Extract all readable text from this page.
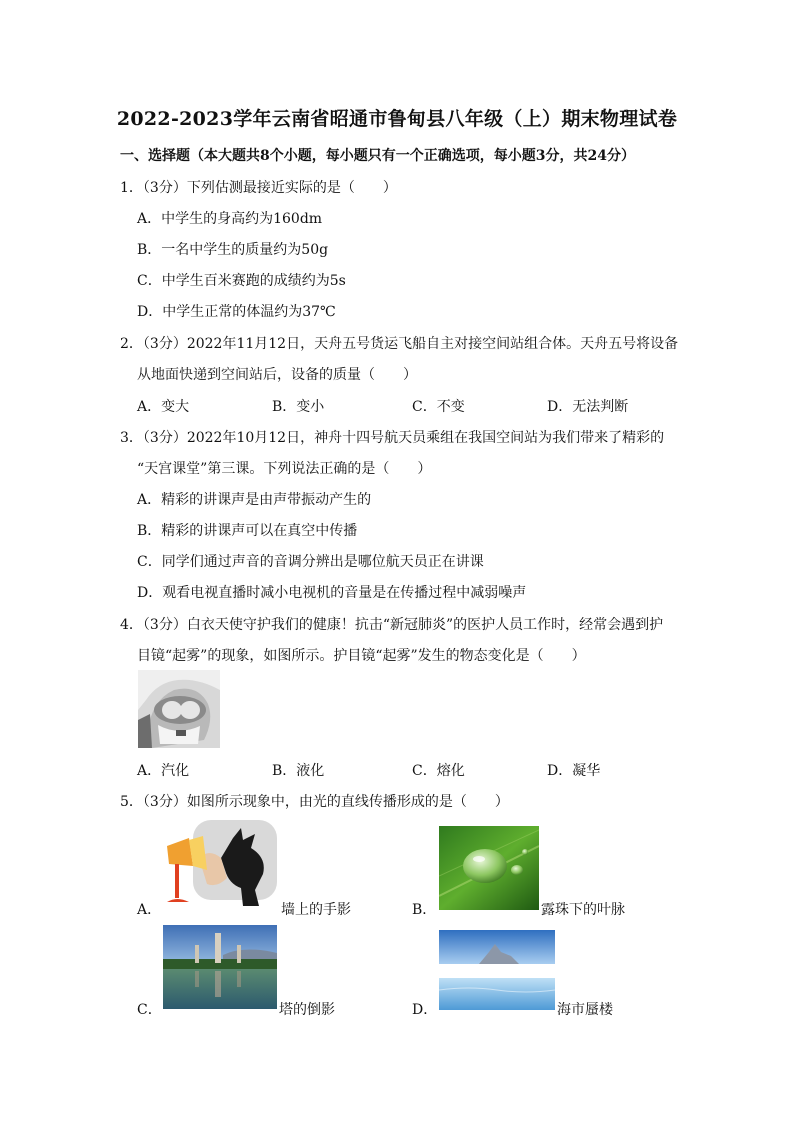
2022-2023学年云南省昭通市鲁甸县八年级（上）期末物理试卷
一、选择题（本大题共8个小题，每小题只有一个正确选项，每小题3分，共24分）
1．（3分）下列估测最接近实际的是（　　）
A．中学生的身高约为160dm
B．一名中学生的质量约为50g
C．中学生百米赛跑的成绩约为5s
D．中学生正常的体温约为37℃
2．（3分）2022年11月12日，天舟五号货运飞船自主对接空间站组合体。天舟五号将设备
从地面快递到空间站后，设备的质量（　　）
A．变大	B．变小	C．不变	D．无法判断
3．（3分）2022年10月12日，神舟十四号航天员乘组在我国空间站为我们带来了精彩的
“天宫课堂”第三课。下列说法正确的是（　　）
A．精彩的讲课声是由声带振动产生的
B．精彩的讲课声可以在真空中传播
C．同学们通过声音的音调分辨出是哪位航天员正在讲课
D．观看电视直播时减小电视机的音量是在传播过程中减弱噪声
4．（3分）白衣天使守护我们的健康！抗击“新冠肺炎”的医护人员工作时，经常会遇到护
目镜“起雾”的现象，如图所示。护目镜“起雾”发生的物态变化是（　　）
A．汽化	B．液化	C．熔化	D．凝华
5．（3分）如图所示现象中，由光的直线传播形成的是（　　）
A．	墙上的手影	B．	露珠下的叶脉
C．	塔的倒影	D．	海市蜃楼
